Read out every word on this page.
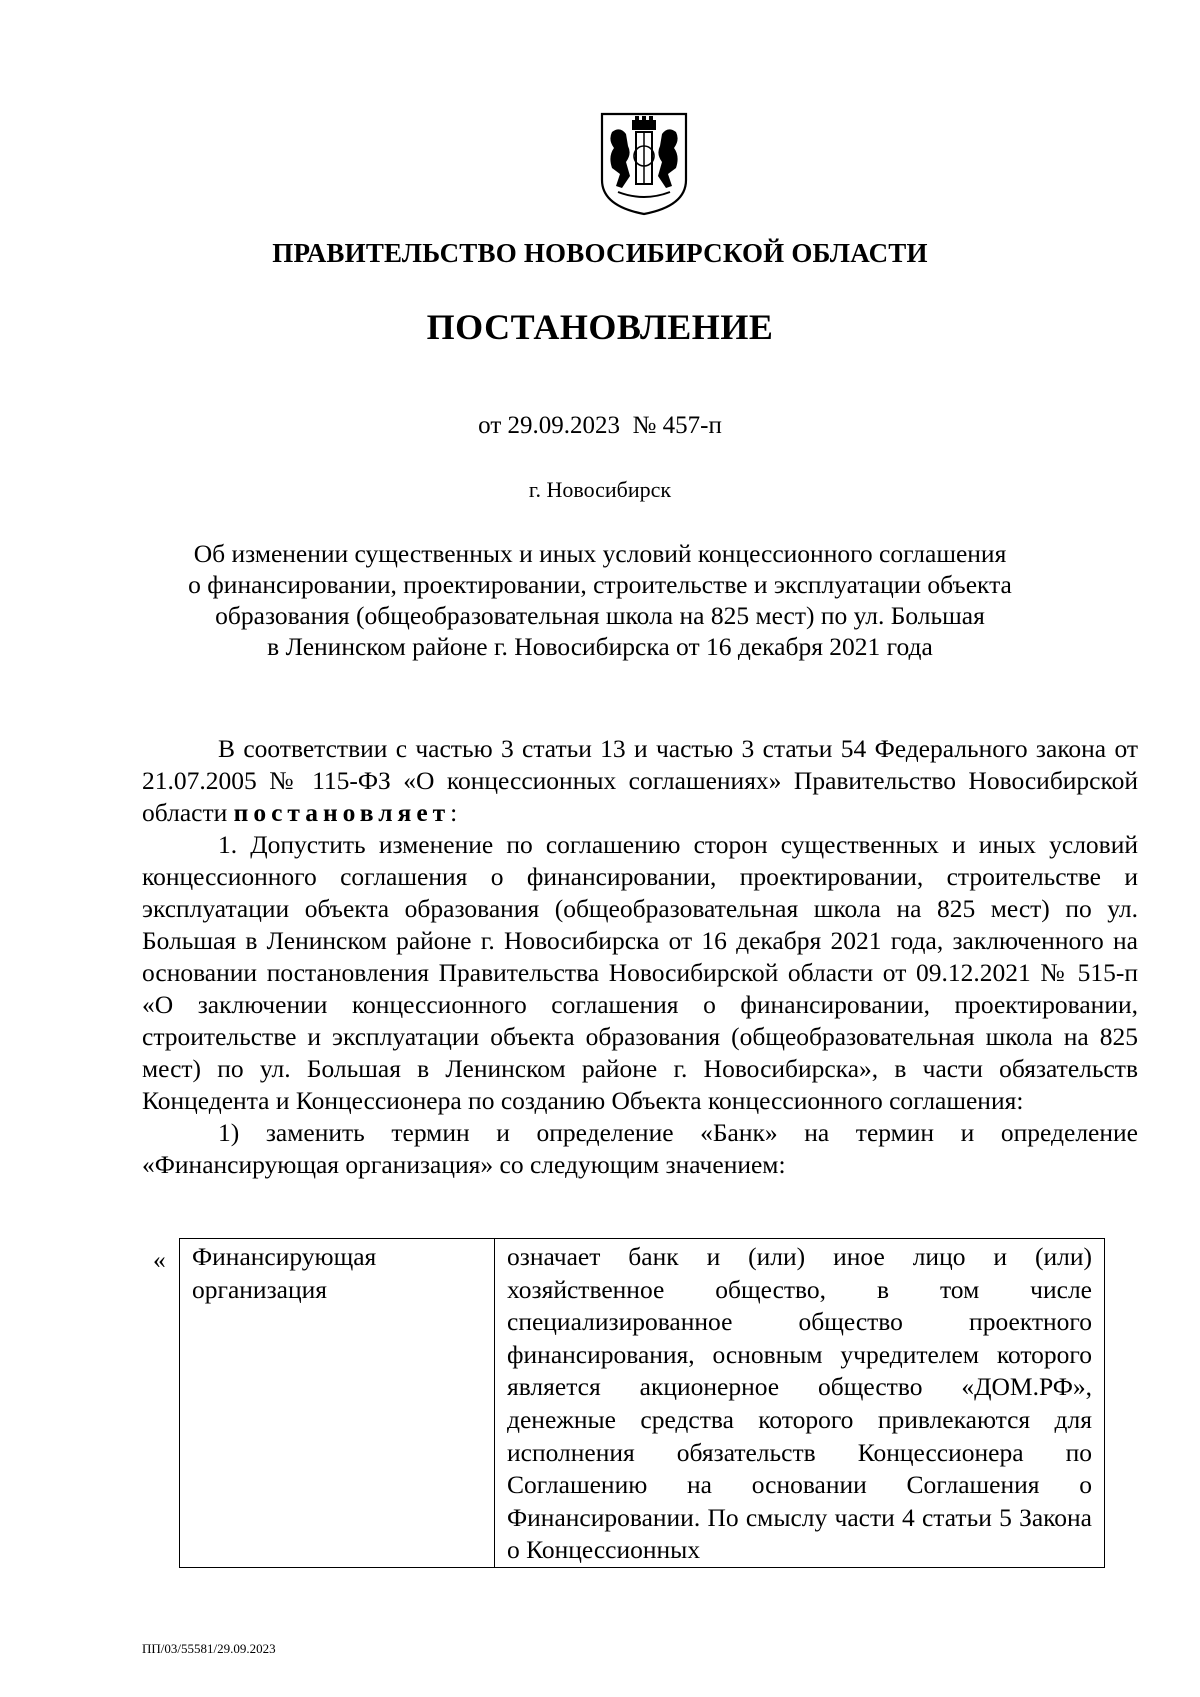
ПРАВИТЕЛЬСТВО НОВОСИБИРСКОЙ ОБЛАСТИ
ПОСТАНОВЛЕНИЕ
от 29.09.2023  № 457-п
г. Новосибирск
Об изменении существенных и иных условий концессионного соглашения
о финансировании, проектировании, строительстве и эксплуатации объекта
образования (общеобразовательная школа на 825 мест) по ул. Большая
в Ленинском районе г. Новосибирска от 16 декабря 2021 года

В соответствии с частью 3 статьи 13 и частью 3 статьи 54 Федерального закона от 21.07.2005 № 115-ФЗ «О концессионных соглашениях» Правительство Новосибирской области постановляет:

1. Допустить изменение по соглашению сторон существенных и иных условий концессионного соглашения о финансировании, проектировании, строительстве и эксплуатации объекта образования (общеобразовательная школа на 825 мест) по ул. Большая в Ленинском районе г. Новосибирска от 16 декабря 2021 года, заключенного на основании постановления Правительства Новосибирской области от 09.12.2021 № 515-п «О заключении концессионного соглашения о финансировании, проектировании, строительстве и эксплуатации объекта образования (общеобразовательная школа на 825 мест) по ул. Большая в Ленинском районе г. Новосибирска», в части обязательств Концедента и Концессионера по созданию Объекта концессионного соглашения:

1) заменить термин и определение «Банк» на термин и определение «Финансирующая организация» со следующим значением:

« Финансирующая организация	означает банк и (или) иное лицо и (или) хозяйственное общество, в том числе специализированное общество проектного финансирования, основным учредителем которого является акционерное общество «ДОМ.РФ», денежные средства которого привлекаются для исполнения обязательств Концессионера по Соглашению на основании Соглашения о Финансировании. По смыслу части 4 статьи 5 Закона о Концессионных
ПП/03/55581/29.09.2023
